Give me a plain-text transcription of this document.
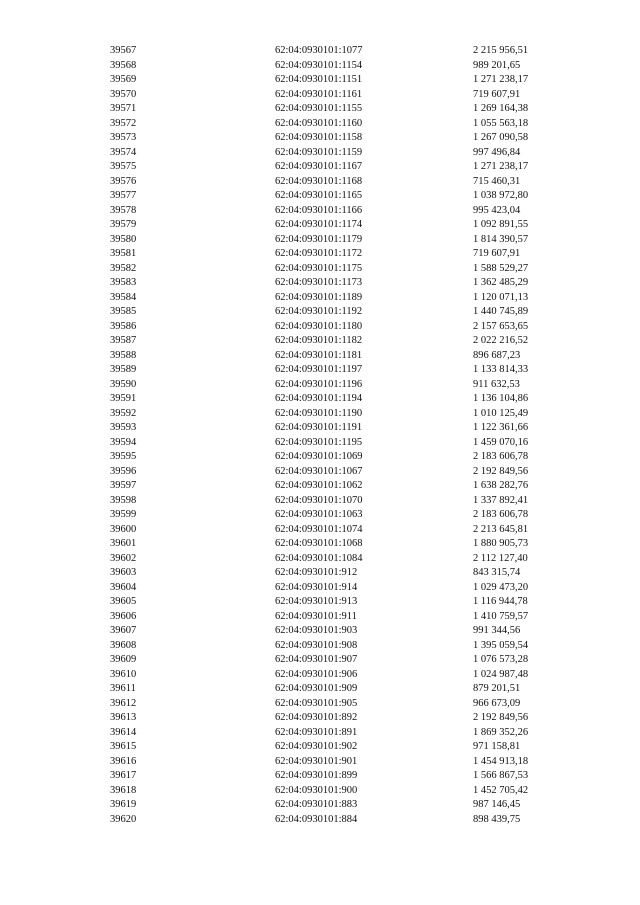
39567	62:04:0930101:1077	2 215 956,51
39568	62:04:0930101:1154	989 201,65
39569	62:04:0930101:1151	1 271 238,17
39570	62:04:0930101:1161	719 607,91
39571	62:04:0930101:1155	1 269 164,38
39572	62:04:0930101:1160	1 055 563,18
39573	62:04:0930101:1158	1 267 090,58
39574	62:04:0930101:1159	997 496,84
39575	62:04:0930101:1167	1 271 238,17
39576	62:04:0930101:1168	715 460,31
39577	62:04:0930101:1165	1 038 972,80
39578	62:04:0930101:1166	995 423,04
39579	62:04:0930101:1174	1 092 891,55
39580	62:04:0930101:1179	1 814 390,57
39581	62:04:0930101:1172	719 607,91
39582	62:04:0930101:1175	1 588 529,27
39583	62:04:0930101:1173	1 362 485,29
39584	62:04:0930101:1189	1 120 071,13
39585	62:04:0930101:1192	1 440 745,89
39586	62:04:0930101:1180	2 157 653,65
39587	62:04:0930101:1182	2 022 216,52
39588	62:04:0930101:1181	896 687,23
39589	62:04:0930101:1197	1 133 814,33
39590	62:04:0930101:1196	911 632,53
39591	62:04:0930101:1194	1 136 104,86
39592	62:04:0930101:1190	1 010 125,49
39593	62:04:0930101:1191	1 122 361,66
39594	62:04:0930101:1195	1 459 070,16
39595	62:04:0930101:1069	2 183 606,78
39596	62:04:0930101:1067	2 192 849,56
39597	62:04:0930101:1062	1 638 282,76
39598	62:04:0930101:1070	1 337 892,41
39599	62:04:0930101:1063	2 183 606,78
39600	62:04:0930101:1074	2 213 645,81
39601	62:04:0930101:1068	1 880 905,73
39602	62:04:0930101:1084	2 112 127,40
39603	62:04:0930101:912	843 315,74
39604	62:04:0930101:914	1 029 473,20
39605	62:04:0930101:913	1 116 944,78
39606	62:04:0930101:911	1 410 759,57
39607	62:04:0930101:903	991 344,56
39608	62:04:0930101:908	1 395 059,54
39609	62:04:0930101:907	1 076 573,28
39610	62:04:0930101:906	1 024 987,48
39611	62:04:0930101:909	879 201,51
39612	62:04:0930101:905	966 673,09
39613	62:04:0930101:892	2 192 849,56
39614	62:04:0930101:891	1 869 352,26
39615	62:04:0930101:902	971 158,81
39616	62:04:0930101:901	1 454 913,18
39617	62:04:0930101:899	1 566 867,53
39618	62:04:0930101:900	1 452 705,42
39619	62:04:0930101:883	987 146,45
39620	62:04:0930101:884	898 439,75
